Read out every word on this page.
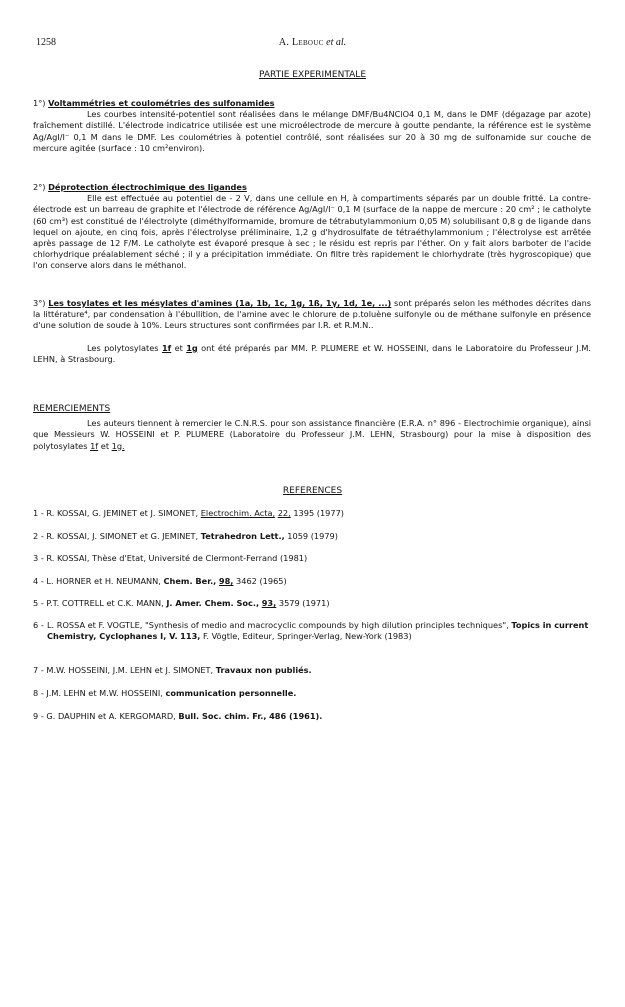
1258	A. Lebouc et al.
PARTIE EXPERIMENTALE

1°) Voltammétries et coulométries des sulfonamides

Les courbes intensité-potentiel sont réalisées dans le mélange DMF/Bu4NClO4 0,1 M, dans le DMF (dégazage par azote) fraîchement distillé. L'électrode indicatrice utilisée est une microélectrode de mercure à goutte pendante, la référence est le système Ag/AgI/I⁻ 0,1 M dans le DMF. Les coulométries à potentiel contrôlé, sont réalisées sur 20 à 30 mg de sulfonamide sur couche de mercure agitée (surface : 10 cm²environ).

2°) Déprotection électrochimique des ligandes

Elle est effectuée au potentiel de - 2 V, dans une cellule en H, à compartiments séparés par un double fritté. La contre-électrode est un barreau de graphite et l'électrode de référence Ag/AgI/I⁻ 0,1 M (surface de la nappe de mercure : 20 cm² ; le catholyte (60 cm³) est constitué de l'électrolyte (diméthylformamide, bromure de tétrabutylammonium 0,05 M) solubilisant 0,8 g de ligande dans lequel on ajoute, en cinq fois, après l'électrolyse préliminaire, 1,2 g d'hydrosulfate de tétraéthylammonium ; l'électrolyse est arrêtée après passage de 12 F/M. Le catholyte est évaporé presque à sec ; le résidu est repris par l'éther. On y fait alors barboter de l'acide chlorhydrique préalablement séché ; il y a précipitation immédiate. On filtre très rapidement le chlorhydrate (très hygroscopique) que l'on conserve alors dans le méthanol.

3°) Les tosylates et les mésylates d'amines (1a, 1b, 1c, 1g, 1ß, 1γ, 1d, 1e, ...) sont préparés selon les méthodes décrites dans la littérature⁴, par condensation à l'ébullition, de l'amine avec le chlorure de p.toluène sulfonyle ou de méthane sulfonyle en présence d'une solution de soude à 10%. Leurs structures sont confirmées par I.R. et R.M.N..

Les polytosylates 1f et 1g ont été préparés par MM. P. PLUMERE et W. HOSSEINI, dans le Laboratoire du Professeur J.M. LEHN, à Strasbourg.

REMERCIEMENTS

Les auteurs tiennent à remercier le C.N.R.S. pour son assistance financière (E.R.A. n° 896 - Electrochimie organique), ainsi que Messieurs W. HOSSEINI et P. PLUMERE (Laboratoire du Professeur J.M. LEHN, Strasbourg) pour la mise à disposition des polytosylates 1f et 1g.

REFERENCES
1 - R. KOSSAI, G. JEMINET et J. SIMONET, Electrochim. Acta, 22, 1395 (1977)
2 - R. KOSSAI, J. SIMONET et G. JEMINET, Tetrahedron Lett., 1059 (1979)
3 - R. KOSSAI, Thèse d'Etat, Université de Clermont-Ferrand (1981)
4 - L. HORNER et H. NEUMANN, Chem. Ber., 98, 3462 (1965)
5 - P.T. COTTRELL et C.K. MANN, J. Amer. Chem. Soc., 93, 3579 (1971)
6 - L. ROSSA et F. VOGTLE, "Synthesis of medio and macrocyclic compounds by high dilution principles techniques", Topics in current Chemistry, Cyclophanes I, V. 113, F. Vögtle, Editeur, Springer-Verlag, New-York (1983)
7 - M.W. HOSSEINI, J.M. LEHN et J. SIMONET, Travaux non publiés.
8 - J.M. LEHN et M.W. HOSSEINI, communication personnelle.
9 - G. DAUPHIN et A. KERGOMARD, Bull. Soc. chim. Fr., 486 (1961).
